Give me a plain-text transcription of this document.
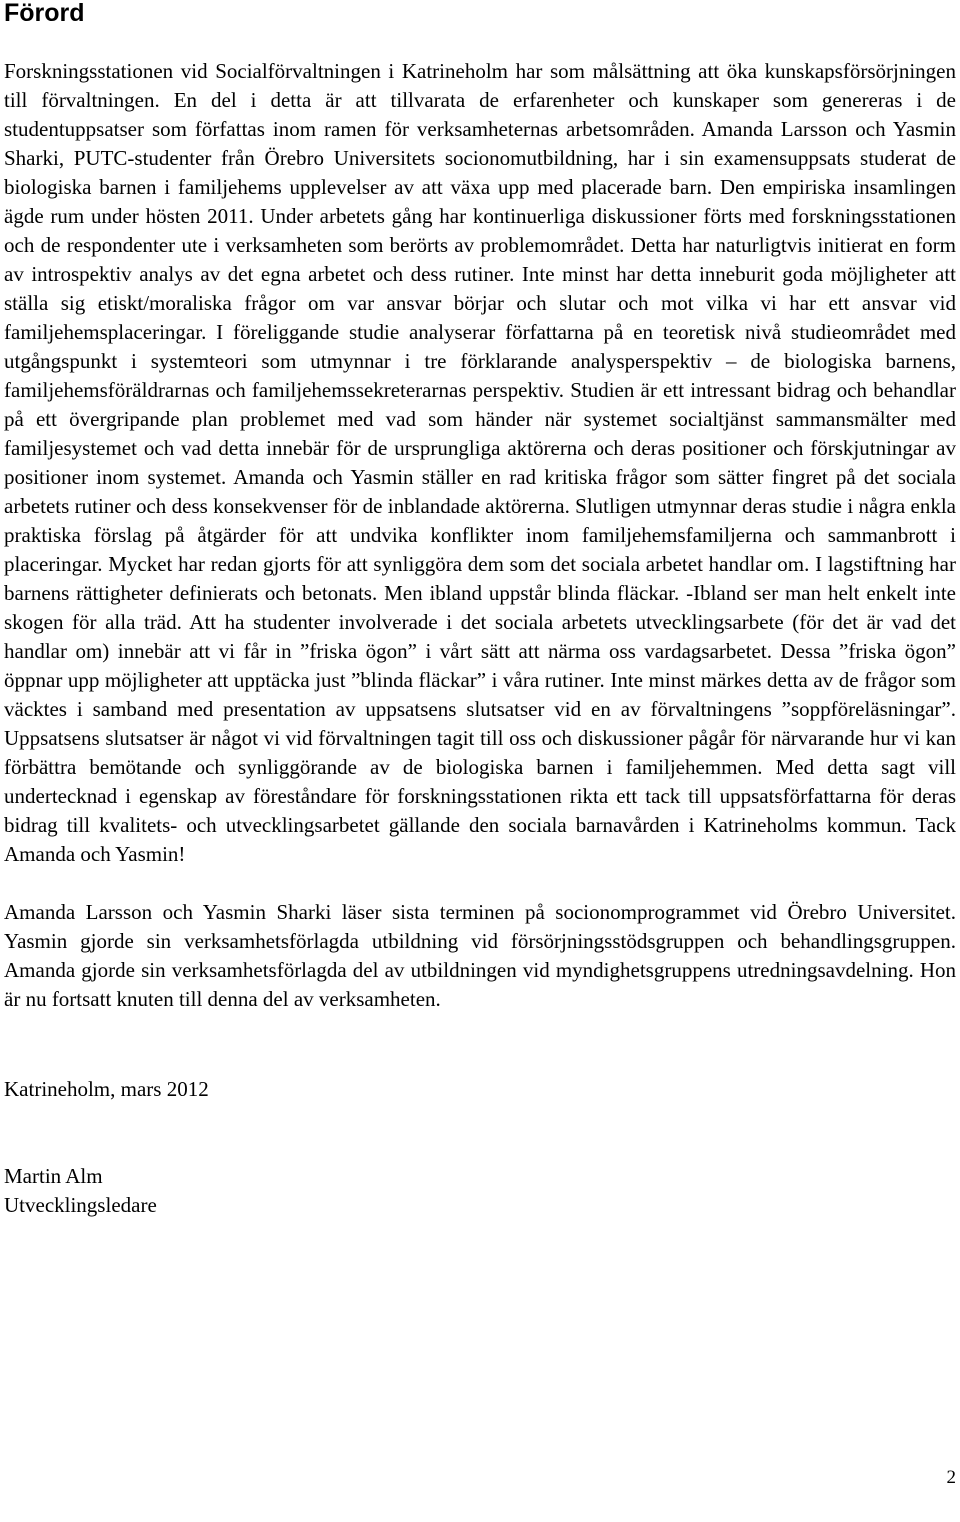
Förord

Forskningsstationen vid Socialförvaltningen i Katrineholm har som målsättning att öka kunskapsförsörjningen till förvaltningen. En del i detta är att tillvarata de erfarenheter och kunskaper som genereras i de studentuppsatser som författas inom ramen för verksamheternas arbetsområden. Amanda Larsson och Yasmin Sharki, PUTC-studenter från Örebro Universitets socionomutbildning, har i sin examensuppsats studerat de biologiska barnen i familjehems upplevelser av att växa upp med placerade barn. Den empiriska insamlingen ägde rum under hösten 2011. Under arbetets gång har kontinuerliga diskussioner förts med forskningsstationen och de respondenter ute i verksamheten som berörts av problemområdet. Detta har naturligtvis initierat en form av introspektiv analys av det egna arbetet och dess rutiner. Inte minst har detta inneburit goda möjligheter att ställa sig etiskt/moraliska frågor om var ansvar börjar och slutar och mot vilka vi har ett ansvar vid familjehemsplaceringar. I föreliggande studie analyserar författarna på en teoretisk nivå studieområdet med utgångspunkt i systemteori som utmynnar i tre förklarande analysperspektiv – de biologiska barnens, familjehemsföräldrarnas och familjehemssekreterarnas perspektiv. Studien är ett intressant bidrag och behandlar på ett övergripande plan problemet med vad som händer när systemet socialtjänst sammansmälter med familjesystemet och vad detta innebär för de ursprungliga aktörerna och deras positioner och förskjutningar av positioner inom systemet. Amanda och Yasmin ställer en rad kritiska frågor som sätter fingret på det sociala arbetets rutiner och dess konsekvenser för de inblandade aktörerna. Slutligen utmynnar deras studie i några enkla praktiska förslag på åtgärder för att undvika konflikter inom familjehemsfamiljerna och sammanbrott i placeringar. Mycket har redan gjorts för att synliggöra dem som det sociala arbetet handlar om. I lagstiftning har barnens rättigheter definierats och betonats. Men ibland uppstår blinda fläckar. -Ibland ser man helt enkelt inte skogen för alla träd. Att ha studenter involverade i det sociala arbetets utvecklingsarbete (för det är vad det handlar om) innebär att vi får in ”friska ögon” i vårt sätt att närma oss vardagsarbetet. Dessa ”friska ögon” öppnar upp möjligheter att upptäcka just ”blinda fläckar” i våra rutiner. Inte minst märkes detta av de frågor som väcktes i samband med presentation av uppsatsens slutsatser vid en av förvaltningens ”soppföreläsningar”. Uppsatsens slutsatser är något vi vid förvaltningen tagit till oss och diskussioner pågår för närvarande hur vi kan förbättra bemötande och synliggörande av de biologiska barnen i familjehemmen. Med detta sagt vill undertecknad i egenskap av föreståndare för forskningsstationen rikta ett tack till uppsatsförfattarna för deras bidrag till kvalitets- och utvecklingsarbetet gällande den sociala barnavården i Katrineholms kommun. Tack Amanda och Yasmin!

Amanda Larsson och Yasmin Sharki läser sista terminen på socionomprogrammet vid Örebro Universitet. Yasmin gjorde sin verksamhetsförlagda utbildning vid försörjningsstödsgruppen och behandlingsgruppen. Amanda gjorde sin verksamhetsförlagda del av utbildningen vid myndighetsgruppens utredningsavdelning. Hon är nu fortsatt knuten till denna del av verksamheten.

Katrineholm, mars 2012

Martin Alm

Utvecklingsledare

2
